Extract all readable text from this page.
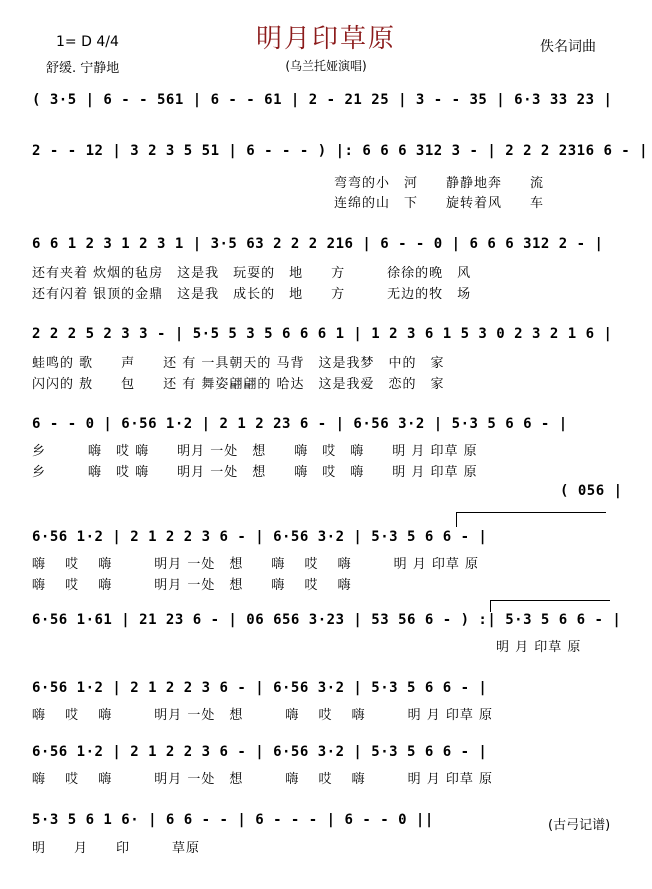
明月印草原
1= D 4/4
舒缓. 宁静地
佚名词曲
(乌兰托娅演唱)
( 3·5 | 6 - - 561 | 6 - - 61 | 2 - 21 25 | 3 - - 35 | 6·3 33 23 |
2 - - 12 | 3 2 3 5 51 | 6 - - - ) |: 6 6 6 312 3 - | 2 2 2 2316 6 - |
弯弯的小　河　　静静地奔　　流
连绵的山　下　　旋转着风　　车
6 6 1 2 3 1 2 3 1 | 3·5 63 2 2 2 216 | 6 - - 0 | 6 6 6 312 2 - |
还有夹着 炊烟的毡房　这是我　玩耍的　地　　方　　　徐徐的晚　风
还有闪着 银顶的金鼎　这是我　成长的　地　　方　　　无边的牧　场
2 2 2 5 2 3 3 - | 5·5 5 3 5 6 6 6 1 | 1 2 3 6 1 5 3 0 2 3 2 1 6 |
蛙鸣的 歌　　声　　还 有 一具朝天的 马背　这是我梦　中的　家
闪闪的 敖　　包　　还 有 舞姿翩翩的 哈达　这是我爱　恋的　家
6 - - 0 | 6·56 1·2 | 2 1 2 23 6 - | 6·56 3·2 | 5·3 5 6 6 - |
乡　　　嗨　哎 嗨　　明月 一处　想　　嗨　哎　嗨　　明 月 印草 原
乡　　　嗨　哎 嗨　　明月 一处　想　　嗨　哎　嗨　　明 月 印草 原
( 056 |
6·56 1·2 | 2 1 2 2 3 6 - | 6·56 3·2 | 5·3 5 6 6 - |
嗨　 哎　 嗨　　　明月 一处　想　　嗨　 哎　 嗨　　　明 月 印草 原
嗨　 哎　 嗨　　　明月 一处　想　　嗨　 哎　 嗨
6·56 1·61 | 21 23 6 - | 06 656 3·23 | 53 56 6 - ) :| 5·3 5 6 6 - |
明 月 印草 原
6·56 1·2 | 2 1 2 2 3 6 - | 6·56 3·2 | 5·3 5 6 6 - |
嗨　 哎　 嗨　　　明月 一处　想　　　嗨　 哎　 嗨　　　明 月 印草 原
6·56 1·2 | 2 1 2 2 3 6 - | 6·56 3·2 | 5·3 5 6 6 - |
嗨　 哎　 嗨　　　明月 一处　想　　　嗨　 哎　 嗨　　　明 月 印草 原
5·3 5 6 1 6· | 6 6 - - | 6 - - - | 6 - - 0 ||
明　　月　　印　　　草原
(古弓记谱)
